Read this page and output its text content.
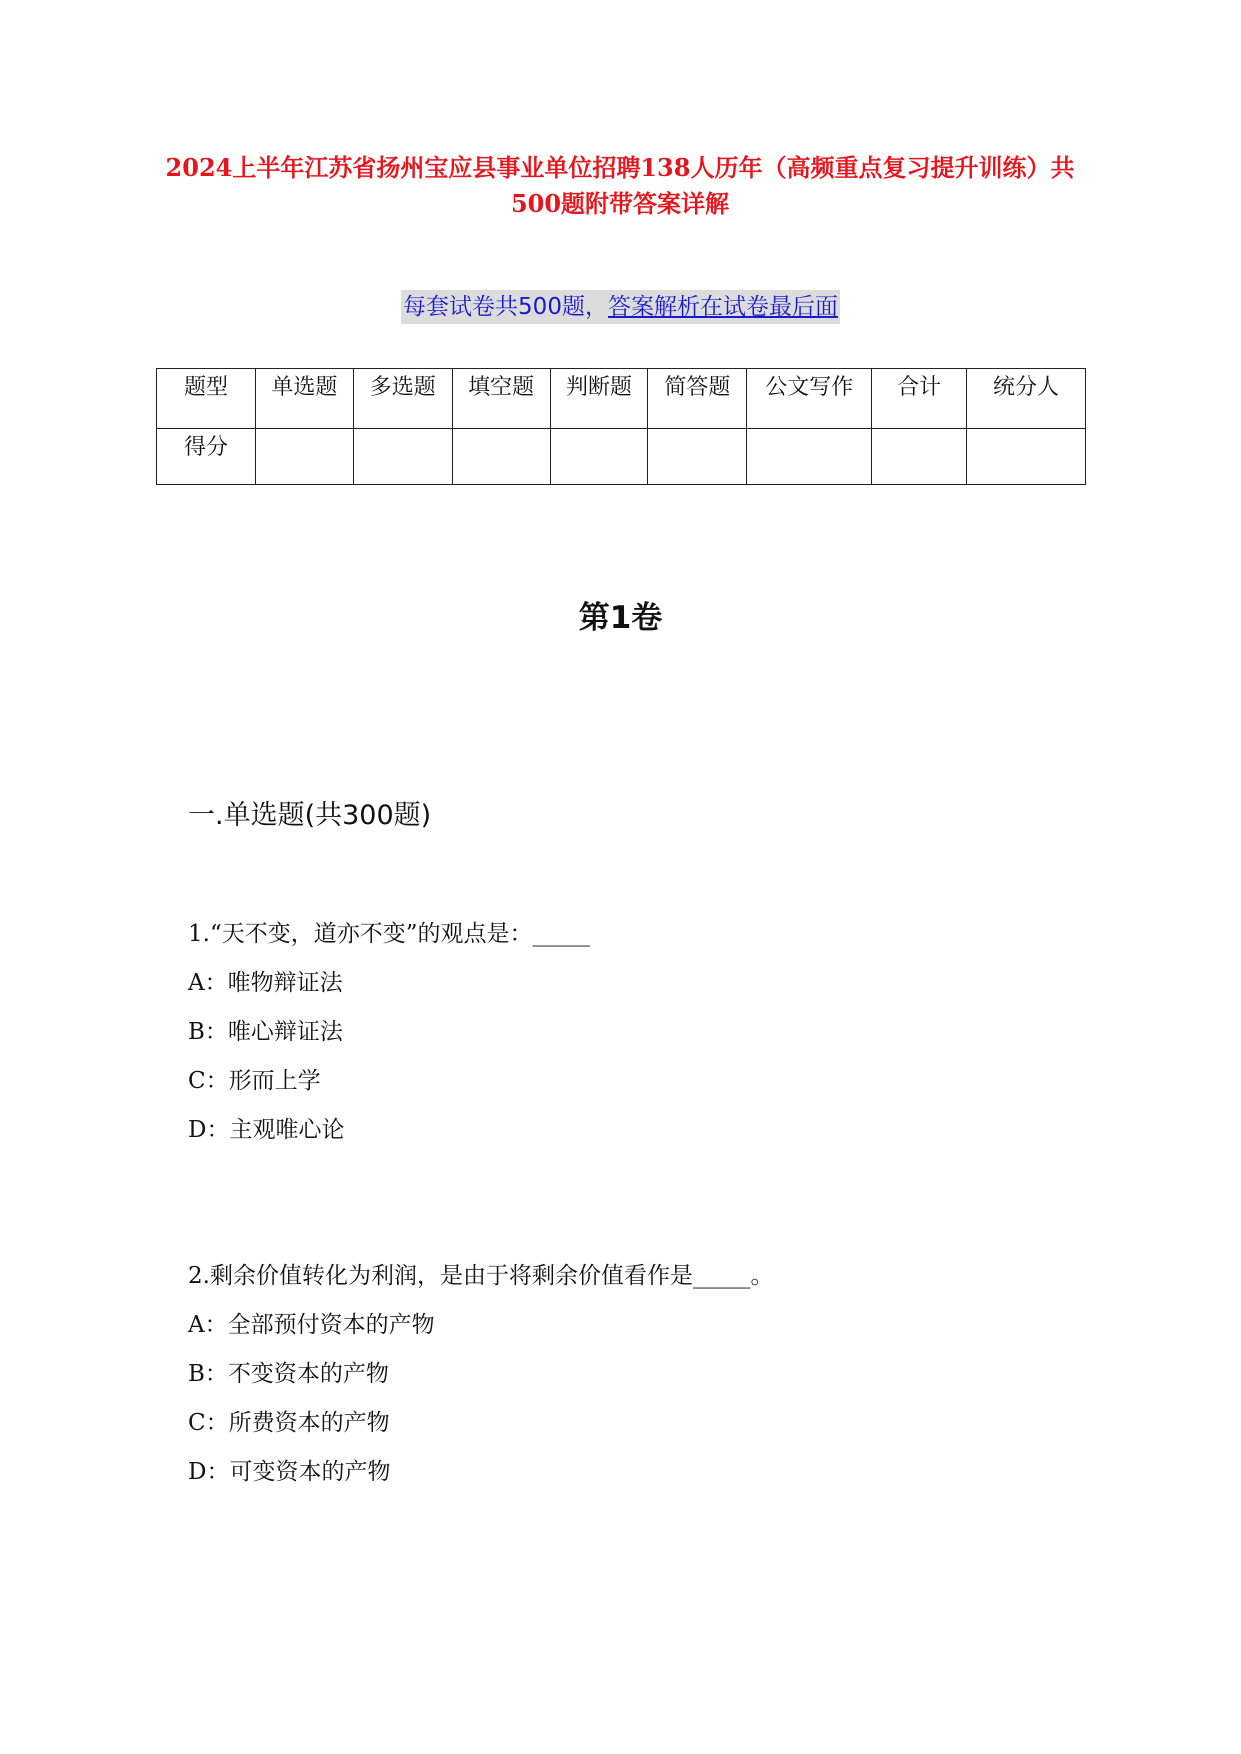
2024上半年江苏省扬州宝应县事业单位招聘138人历年（高频重点复习提升训练）共500题附带答案详解
每套试卷共500题，答案解析在试卷最后面
题型	单选题	多选题	填空题	判断题	简答题	公文写作	合计	统分人
得分								
第1卷
一.单选题(共300题)
1.“天不变，道亦不变”的观点是：_____
A：唯物辩证法
B：唯心辩证法
C：形而上学
D：主观唯心论
2.剩余价值转化为利润，是由于将剩余价值看作是_____。
A：全部预付资本的产物
B：不变资本的产物
C：所费资本的产物
D：可变资本的产物
